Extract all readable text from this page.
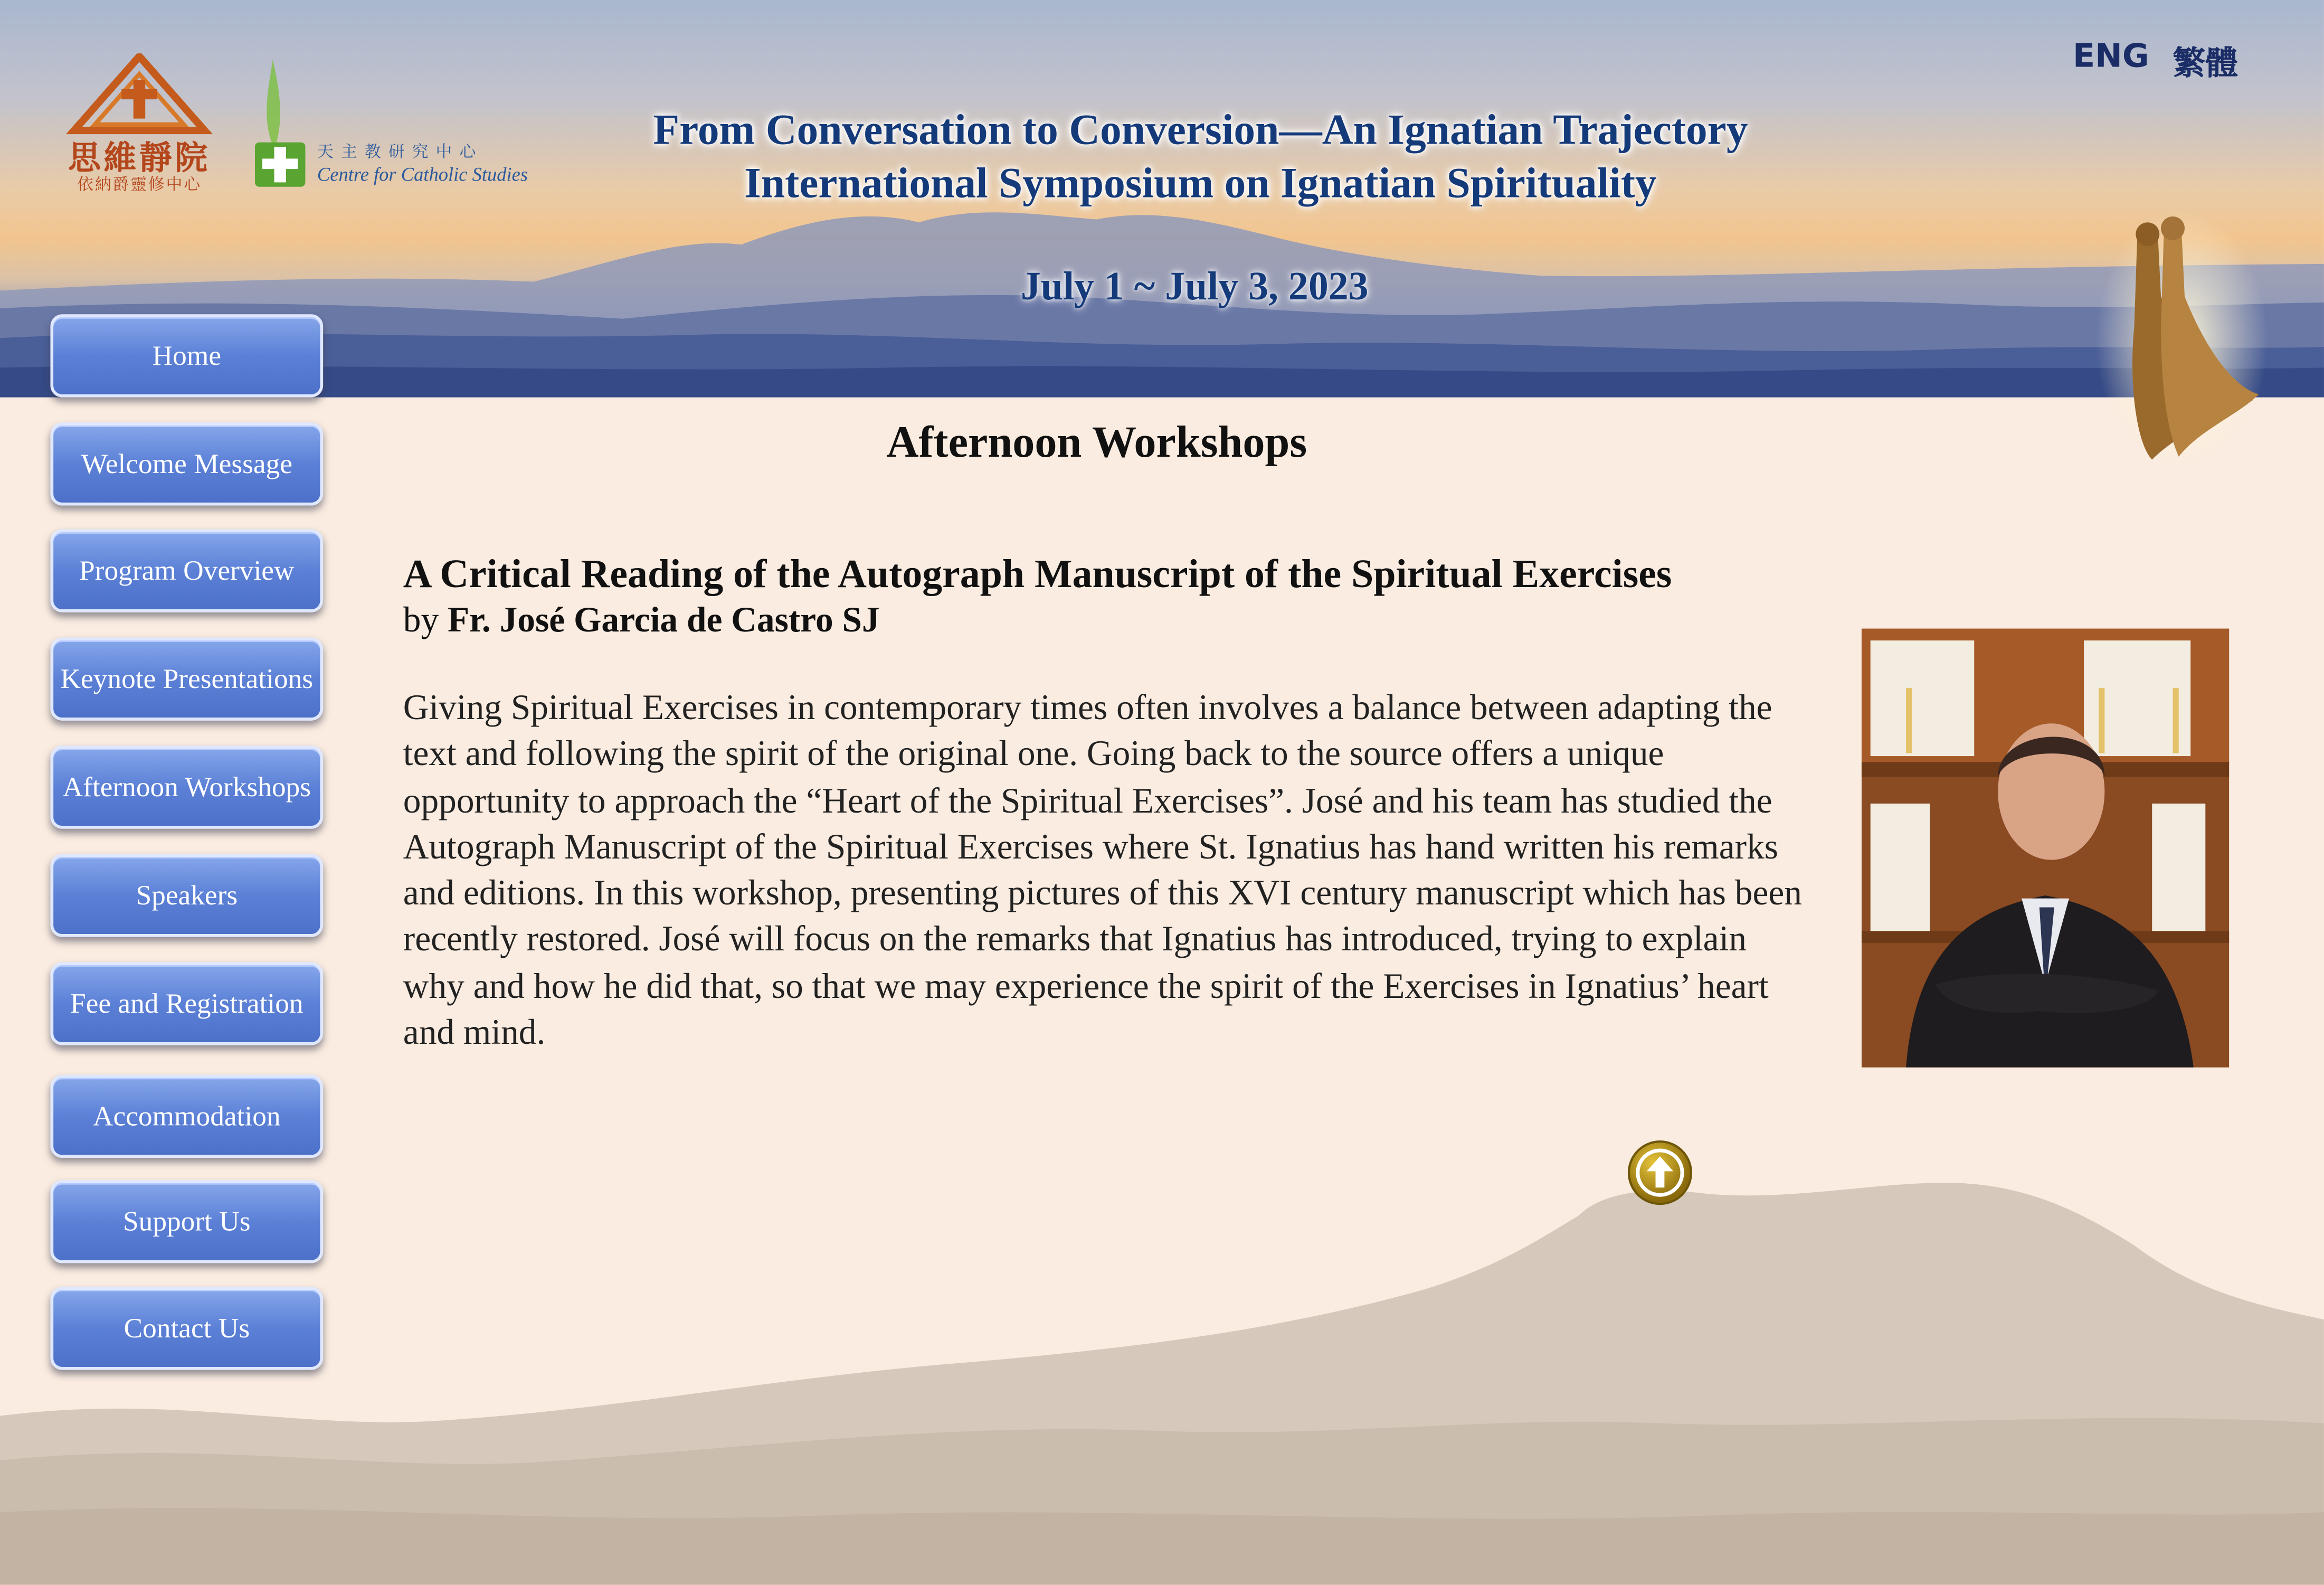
思維靜院
依納爵靈修中心
天主教研究中心
Centre for Catholic Studies
ENG 繁體
From Conversation to Conversion—An Ignatian Trajectory
International Symposium on Ignatian Spirituality
July 1 ~ July 3, 2023
Home
Welcome Message
Program Overview
Keynote Presentations
Afternoon Workshops
Speakers
Fee and Registration
Accommodation
Support Us
Contact Us
Afternoon Workshops
A Critical Reading of the Autograph Manuscript of the Spiritual Exercises
by Fr. José Garcia de Castro SJ

Giving Spiritual Exercises in contemporary times often involves a balance between adapting the text and following the spirit of the original one. Going back to the source offers a unique opportunity to approach the “Heart of the Spiritual Exercises”. José and his team has studied the Autograph Manuscript of the Spiritual Exercises where St. Ignatius has hand written his remarks and editions. In this workshop, presenting pictures of this XVI century manuscript which has been recently restored. José will focus on the remarks that Ignatius has introduced, trying to explain why and how he did that, so that we may experience the spirit of the Exercises in Ignatius’ heart and mind.
